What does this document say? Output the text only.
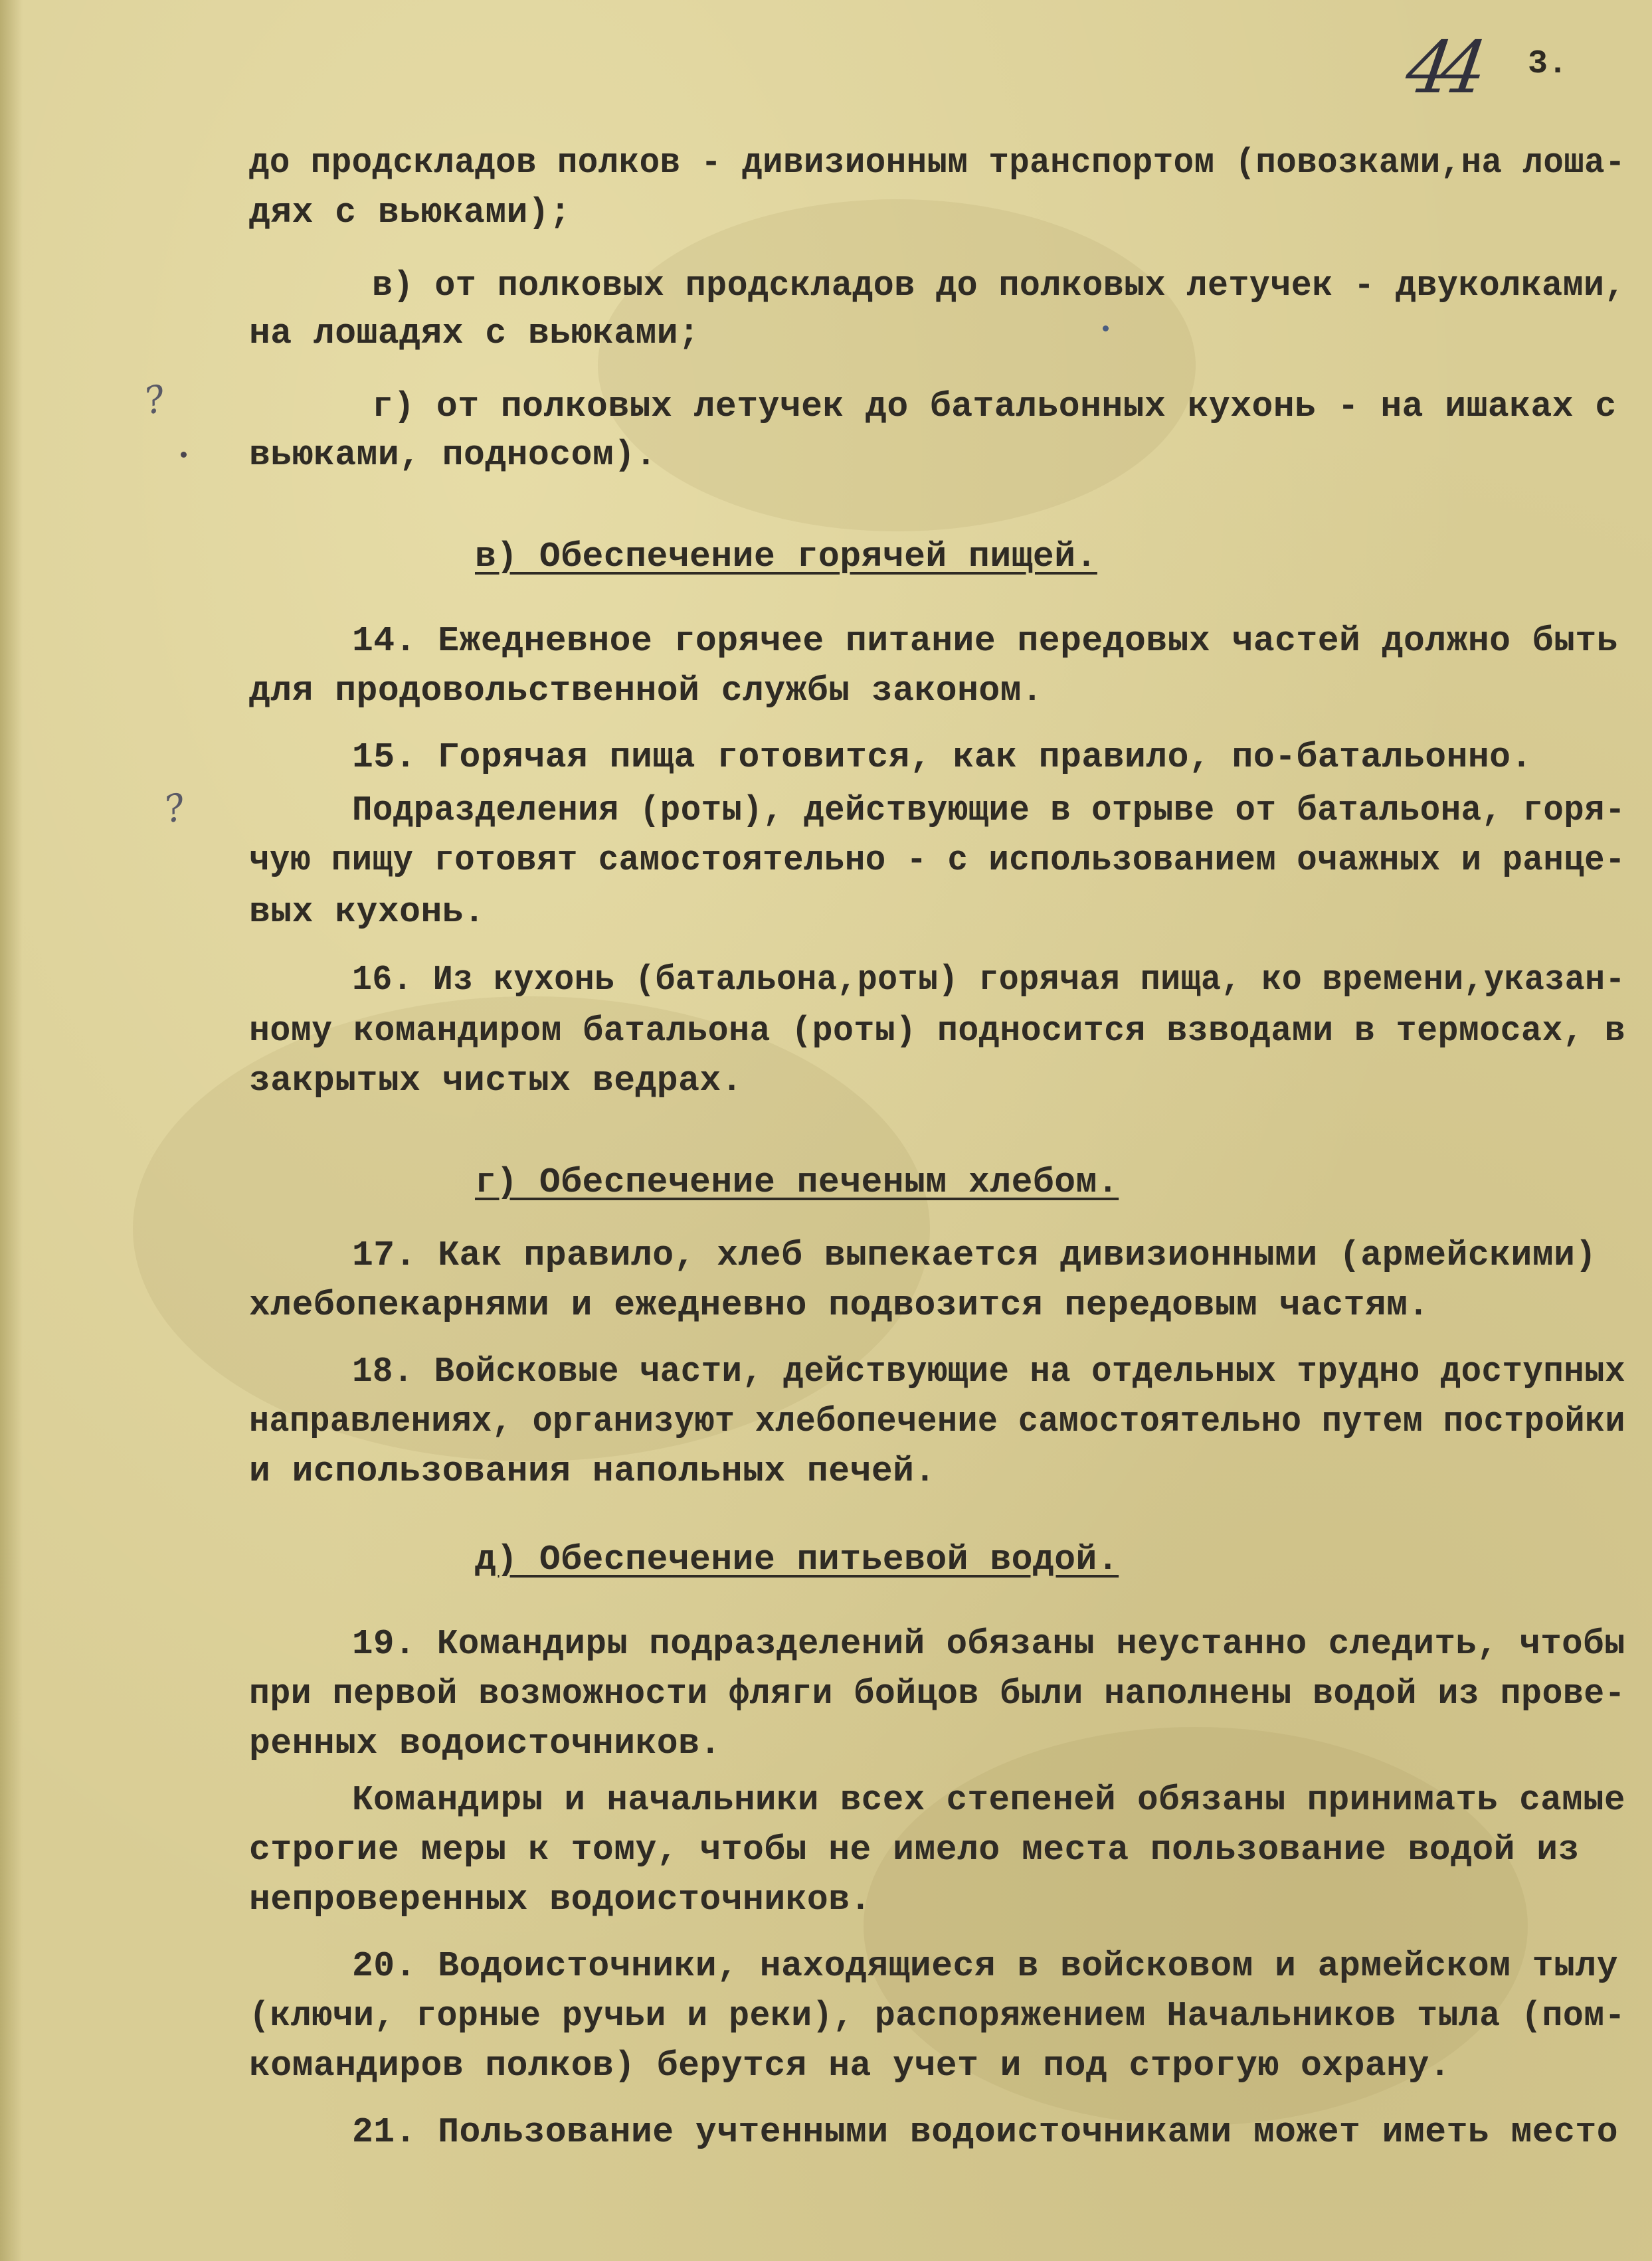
44 3.
?
?
до продскладов полков - дивизионным транспортом (повозками,на лоша-
дях с вьюками);
в) от полковых продскладов до полковых летучек - двуколками,
на лошадях с вьюками;
г) от полковых летучек до батальонных кухонь - на ишаках с
вьюками, подносом).
в) Обеспечение горячей пищей.
14. Ежедневное горячее питание передовых частей должно быть
для продовольственной службы законом.
15. Горячая пища готовится, как правило, по-батальонно.
Подразделения (роты), действующие в отрыве от батальона, горя-
чую пищу готовят самостоятельно - с использованием очажных и ранце-
вых кухонь.
16. Из кухонь (батальона,роты) горячая пища, ко времени,указан-
ному командиром батальона (роты) подносится взводами в термосах, в
закрытых чистых ведрах.
г) Обеспечение печеным хлебом.
17. Как правило, хлеб выпекается дивизионными (армейскими)
хлебопекарнями и ежедневно подвозится передовым частям.
18. Войсковые части, действующие на отдельных трудно доступных
направлениях, организуют хлебопечение самостоятельно путем постройки
и использования напольных печей.
д) Обеспечение питьевой водой.
19. Командиры подразделений обязаны неустанно следить, чтобы
при первой возможности фляги бойцов были наполнены водой из прове-
ренных водоисточников.
Командиры и начальники всех степеней обязаны принимать самые
строгие меры к тому, чтобы не имело места пользование водой из
непроверенных водоисточников.
20. Водоисточники, находящиеся в войсковом и армейском тылу
(ключи, горные ручьи и реки), распоряжением Начальников тыла (пом-
командиров полков) берутся на учет и под строгую охрану.
21. Пользование учтенными водоисточниками может иметь место
